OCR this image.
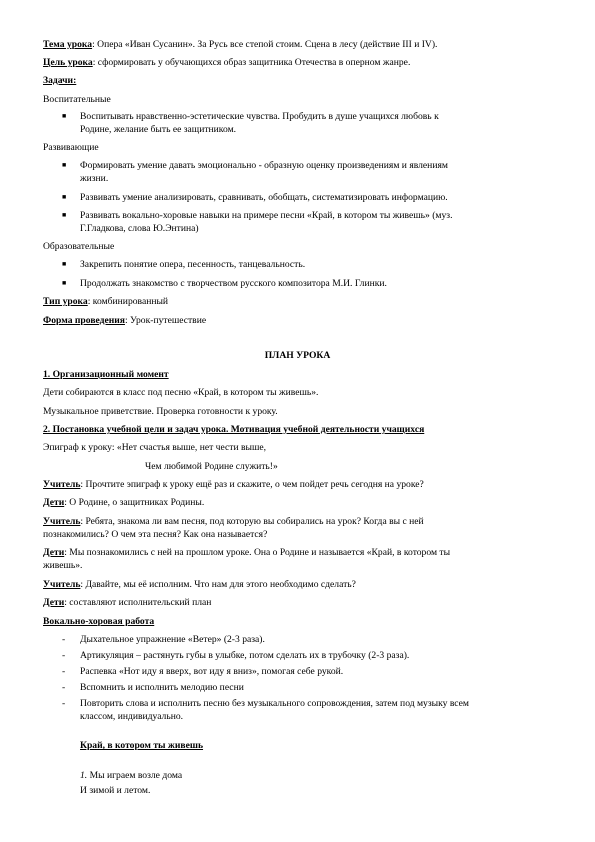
Тема урока: Опера «Иван Сусанин». За Русь все степой стоим. Сцена в лесу (действие III и IV).
Цель урока: сформировать у обучающихся образ защитника Отечества в оперном жанре.
Задачи:
Воспитательные
■ Воспитывать нравственно-эстетические чувства. Пробудить в душе учащихся любовь к
Родине, желание быть ее защитником.
Развивающие
■ Формировать умение давать эмоционально - образную оценку произведениям и явлениям
жизни.
■ Развивать умение анализировать, сравнивать, обобщать, систематизировать информацию.
■ Развивать вокально-хоровые навыки на примере песни «Край, в котором ты живешь» (муз.
Г.Гладкова, слова Ю.Энтина)
Образовательные
■ Закрепить понятие опера, песенность, танцевальность.
■ Продолжать знакомство с творчеством русского композитора М.И. Глинки.
Тип урока: комбинированный
Форма проведения: Урок-путешествие
ПЛАН УРОКА
1. Организационный момент
Дети собираются в класс под песню «Край, в котором ты живешь».
Музыкальное приветствие. Проверка готовности к уроку.
2. Постановка учебной цели и задач урока. Мотивация учебной деятельности учащихся
Эпиграф к уроку: «Нет счастья выше, нет чести выше,
Чем любимой Родине служить!»
Учитель: Прочтите эпиграф к уроку ещё раз и скажите, о чем пойдет речь сегодня на уроке?
Дети: О Родине, о защитниках Родины.
Учитель: Ребята, знакома ли вам песня, под которую вы собирались на урок? Когда вы с ней
познакомились? О чем эта песня? Как она называется?
Дети: Мы познакомились с ней на прошлом уроке. Она о Родине и называется «Край, в котором ты
живешь».
Учитель: Давайте, мы её исполним. Что нам для этого необходимо сделать?
Дети: составляют исполнительский план
Вокально-хоровая работа
- Дыхательное упражнение «Ветер» (2-3 раза).
- Артикуляция – растянуть губы в улыбке, потом сделать их в трубочку (2-3 раза).
- Распевка «Нот иду я вверх, вот иду я вниз», помогая себе рукой.
- Вспомнить и исполнить мелодию песни
- Повторить слова и исполнить песню без музыкального сопровождения, затем под музыку всем
классом, индивидуально.
Край, в котором ты живешь
1. Мы играем возле дома
И зимой и летом.
